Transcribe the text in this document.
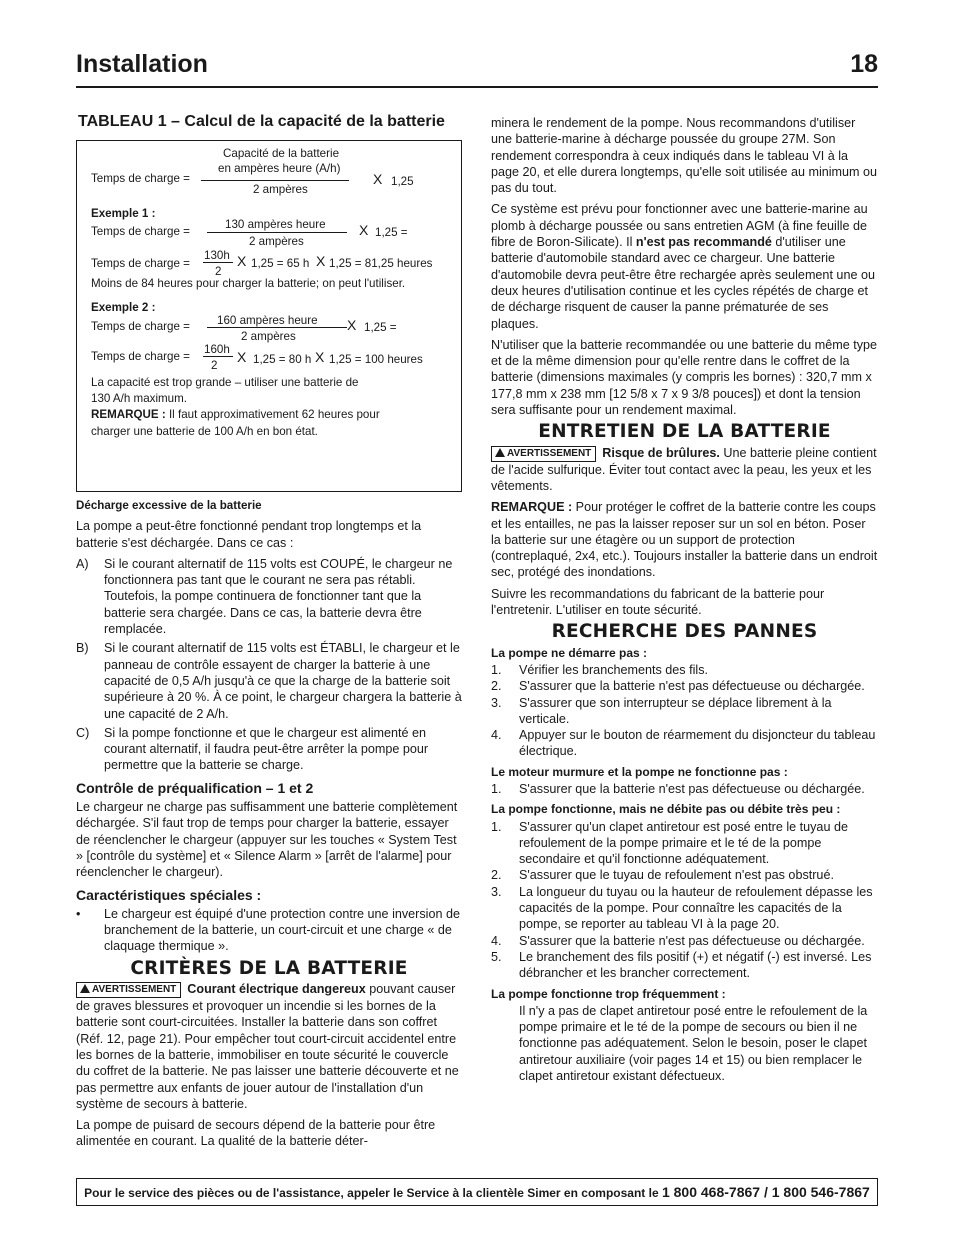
Installation	18
TABLEAU 1 – Calcul de la capacité de la batterie
Capacité de la batterie
en ampères heure (A/h)
Temps de charge =
2 ampères
X 1,25
Exemple 1 :
Temps de charge =
130 ampères heure
2 ampères
X 1,25 =
Temps de charge =
130h
2
X 1,25 = 65 h X 1,25 = 81,25 heures
Moins de 84 heures pour charger la batterie; on peut l'utiliser.
Exemple 2 :
Temps de charge = 160 ampères heure
2 ampères
X 1,25 =
Temps de charge =
160h
2
X 1,25 = 80 h X 1,25 = 100 heures
La capacité est trop grande – utiliser une batterie de
130 A/h maximum.
REMARQUE : Il faut approximativement 62 heures pour
charger une batterie de 100 A/h en bon état.
Décharge excessive de la batterie

La pompe a peut-être fonctionné pendant trop longtemps et la batterie s'est déchargée. Dans ce cas :

A) Si le courant alternatif de 115 volts est COUPÉ, le chargeur ne fonctionnera pas tant que le courant ne sera pas rétabli. Toutefois, la pompe continuera de fonctionner tant que la batterie sera chargée. Dans ce cas, la batterie devra être remplacée.
B) Si le courant alternatif de 115 volts est ÉTABLI, le chargeur et le panneau de contrôle essayent de charger la batterie à une capacité de 0,5 A/h jusqu'à ce que la charge de la batterie soit supérieure à 20 %. À ce point, le chargeur chargera la batterie à une capacité de 2 A/h.
C) Si la pompe fonctionne et que le chargeur est alimenté en courant alternatif, il faudra peut-être arrêter la pompe pour permettre que la batterie se charge.
Contrôle de préqualification – 1 et 2

Le chargeur ne charge pas suffisamment une batterie complètement déchargée. S'il faut trop de temps pour charger la batterie, essayer de réenclencher le chargeur (appuyer sur les touches « System Test » [contrôle du système] et « Silence Alarm » [arrêt de l'alarme] pour réenclencher le chargeur).

Caractéristiques spéciales :
• Le chargeur est équipé d'une protection contre une inversion de branchement de la batterie, un court-circuit et une charge « de claquage thermique ».
CRITÈRES DE LA BATTERIE

AVERTISSEMENT Courant électrique dangereux pouvant causer de graves blessures et provoquer un incendie si les bornes de la batterie sont court-circuitées. Installer la batterie dans son coffret (Réf. 12, page 21). Pour empêcher tout court-circuit accidentel entre les bornes de la batterie, immobiliser en toute sécurité le couvercle du coffret de la batterie. Ne pas laisser une batterie découverte et ne pas permettre aux enfants de jouer autour de l'installation d'un système de secours à batterie.

La pompe de puisard de secours dépend de la batterie pour être alimentée en courant. La qualité de la batterie déter-

minera le rendement de la pompe. Nous recommandons d'utiliser une batterie-marine à décharge poussée du groupe 27M. Son rendement correspondra à ceux indiqués dans le tableau VI à la page 20, et elle durera longtemps, qu'elle soit utilisée au minimum ou pas du tout.

Ce système est prévu pour fonctionner avec une batterie-marine au plomb à décharge poussée ou sans entretien AGM (à fine feuille de fibre de Boron-Silicate). Il n'est pas recommandé d'utiliser une batterie d'automobile standard avec ce chargeur. Une batterie d'automobile devra peut-être être rechargée après seulement une ou deux heures d'utilisation continue et les cycles répétés de charge et de décharge risquent de causer la panne prématurée de ses plaques.

N'utiliser que la batterie recommandée ou une batterie du même type et de la même dimension pour qu'elle rentre dans le coffret de la batterie (dimensions maximales (y compris les bornes) : 320,7 mm x 177,8 mm x 238 mm [12 5/8 x 7 x 9 3/8 pouces]) et dont la tension sera suffisante pour un rendement maximal.

ENTRETIEN DE LA BATTERIE

AVERTISSEMENT Risque de brûlures. Une batterie pleine contient de l'acide sulfurique. Éviter tout contact avec la peau, les yeux et les vêtements.

REMARQUE : Pour protéger le coffret de la batterie contre les coups et les entailles, ne pas la laisser reposer sur un sol en béton. Poser la batterie sur une étagère ou un support de protection (contreplaqué, 2x4, etc.). Toujours installer la batterie dans un endroit sec, protégé des inondations.

Suivre les recommandations du fabricant de la batterie pour l'entretenir. L'utiliser en toute sécurité.

RECHERCHE DES PANNES
La pompe ne démarre pas :
1. Vérifier les branchements des fils.
2. S'assurer que la batterie n'est pas défectueuse ou déchargée.
3. S'assurer que son interrupteur se déplace librement à la verticale.
4. Appuyer sur le bouton de réarmement du disjoncteur du tableau électrique.
Le moteur murmure et la pompe ne fonctionne pas :
1. S'assurer que la batterie n'est pas défectueuse ou déchargée.
La pompe fonctionne, mais ne débite pas ou débite très peu :
1. S'assurer qu'un clapet antiretour est posé entre le tuyau de refoulement de la pompe primaire et le té de la pompe secondaire et qu'il fonctionne adéquatement.
2. S'assurer que le tuyau de refoulement n'est pas obstrué.
3. La longueur du tuyau ou la hauteur de refoulement dépasse les capacités de la pompe. Pour connaître les capacités de la pompe, se reporter au tableau VI à la page 20.
4. S'assurer que la batterie n'est pas défectueuse ou déchargée.
5. Le branchement des fils positif (+) et négatif (-) est inversé. Les débrancher et les brancher correctement.
La pompe fonctionne trop fréquemment :

Il n'y a pas de clapet antiretour posé entre le refoulement de la pompe primaire et le té de la pompe de secours ou bien il ne fonctionne pas adéquatement. Selon le besoin, poser le clapet antiretour auxiliaire (voir pages 14 et 15) ou bien remplacer le clapet antiretour existant défectueux.

Pour le service des pièces ou de l'assistance, appeler le Service à la clientèle Simer en composant le 1 800 468-7867 / 1 800 546-7867
